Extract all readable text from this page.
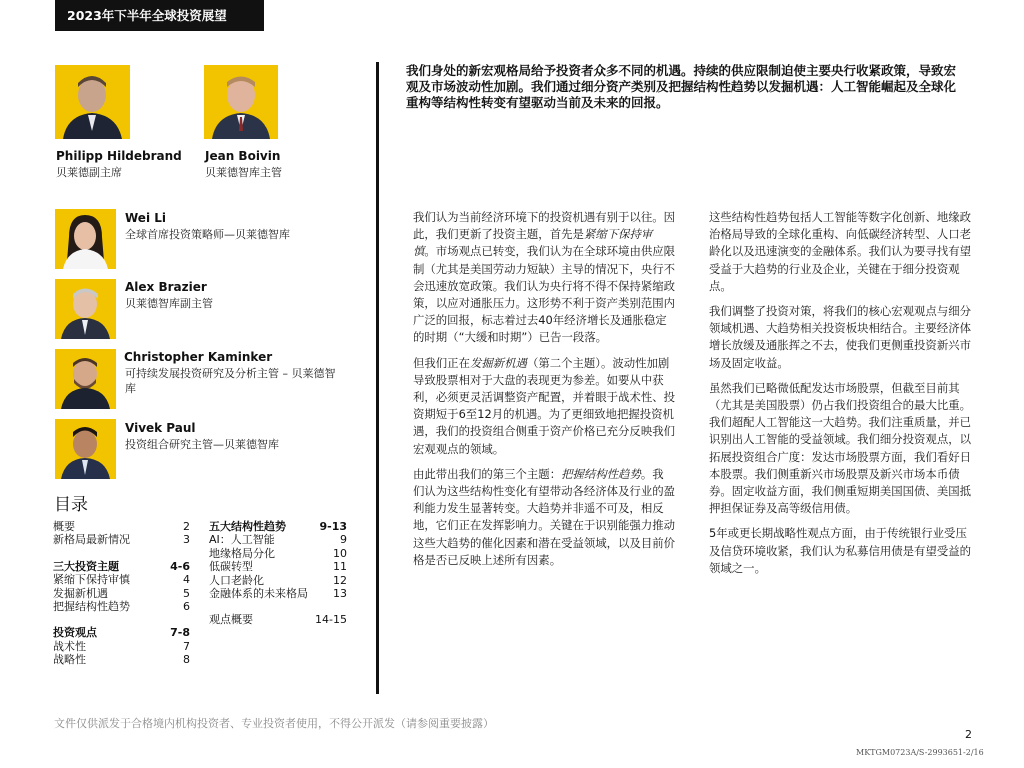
2023年下半年全球投资展望
Philipp Hildebrand
贝莱德副主席
Jean Boivin
贝莱德智库主管
Wei Li
全球首席投资策略师—贝莱德智库
Alex Brazier
贝莱德智库副主管
Christopher Kaminker
可持续发展投资研究及分析主管 – 贝莱德智库
Vivek Paul
投资组合研究主管—贝莱德智库
我们身处的新宏观格局给予投资者众多不同的机遇。持续的供应限制迫使主要央行收紧政策，导致宏观及市场波动性加剧。我们通过细分资产类别及把握结构性趋势以发掘机遇：人工智能崛起及全球化重构等结构性转变有望驱动当前及未来的回报。

我们认为当前经济环境下的投资机遇有别于以往。因此，我们更新了投资主题，首先是紧缩下保持审慎。市场观点已转变，我们认为在全球环境由供应限制（尤其是美国劳动力短缺）主导的情况下，央行不会迅速放宽政策。我们认为央行将不得不保持紧缩政策，以应对通胀压力。这形势不利于资产类别范围内广泛的回报，标志着过去40年经济增长及通胀稳定的时期（“大缓和时期”）已告一段落。

但我们正在发掘新机遇（第二个主题）。波动性加剧导致股票相对于大盘的表现更为参差。如要从中获利，必须更灵活调整资产配置，并着眼于战术性、投资期短于6至12月的机遇。为了更细致地把握投资机遇，我们的投资组合侧重于资产价格已充分反映我们宏观观点的领域。

由此带出我们的第三个主题：把握结构性趋势。我们认为这些结构性变化有望带动各经济体及行业的盈利能力发生显著转变。大趋势并非遥不可及，相反地，它们正在发挥影响力。关键在于识别能强力推动这些大趋势的催化因素和潜在受益领域，以及目前价格是否已反映上述所有因素。

这些结构性趋势包括人工智能等数字化创新、地缘政治格局导致的全球化重构、向低碳经济转型、人口老龄化以及迅速演变的金融体系。我们认为要寻找有望受益于大趋势的行业及企业，关键在于细分投资观点。

我们调整了投资对策，将我们的核心宏观观点与细分领域机遇、大趋势相关投资板块相结合。主要经济体增长放缓及通胀挥之不去，使我们更侧重投资新兴市场及固定收益。

虽然我们已略微低配发达市场股票，但截至目前其（尤其是美国股票）仍占我们投资组合的最大比重。我们超配人工智能这一大趋势。我们注重质量，并已识别出人工智能的受益领域。我们细分投资观点，以拓展投资组合广度：发达市场股票方面，我们看好日本股票。我们侧重新兴市场股票及新兴市场本币债券。固定收益方面，我们侧重短期美国国债、美国抵押担保证券及高等级信用债。

5年或更长期战略性观点方面，由于传统银行业受压及信贷环境收紧，我们认为私募信用债是有望受益的领域之一。

目录
概要	2
新格局最新情况	3
三大投资主题	4-6
紧缩下保持审慎	4
发掘新机遇	5
把握结构性趋势	6
投资观点	7-8
战术性	7
战略性	8
五大结构性趋势	9-13
AI：人工智能	9
地缘格局分化	10
低碳转型	11
人口老龄化	12
金融体系的未来格局 13
观点概要	14-15
文件仅供派发于合格境内机构投资者、专业投资者使用，不得公开派发（请参阅重要披露）
2
MKTGM0723A/S-2993651-2/16
